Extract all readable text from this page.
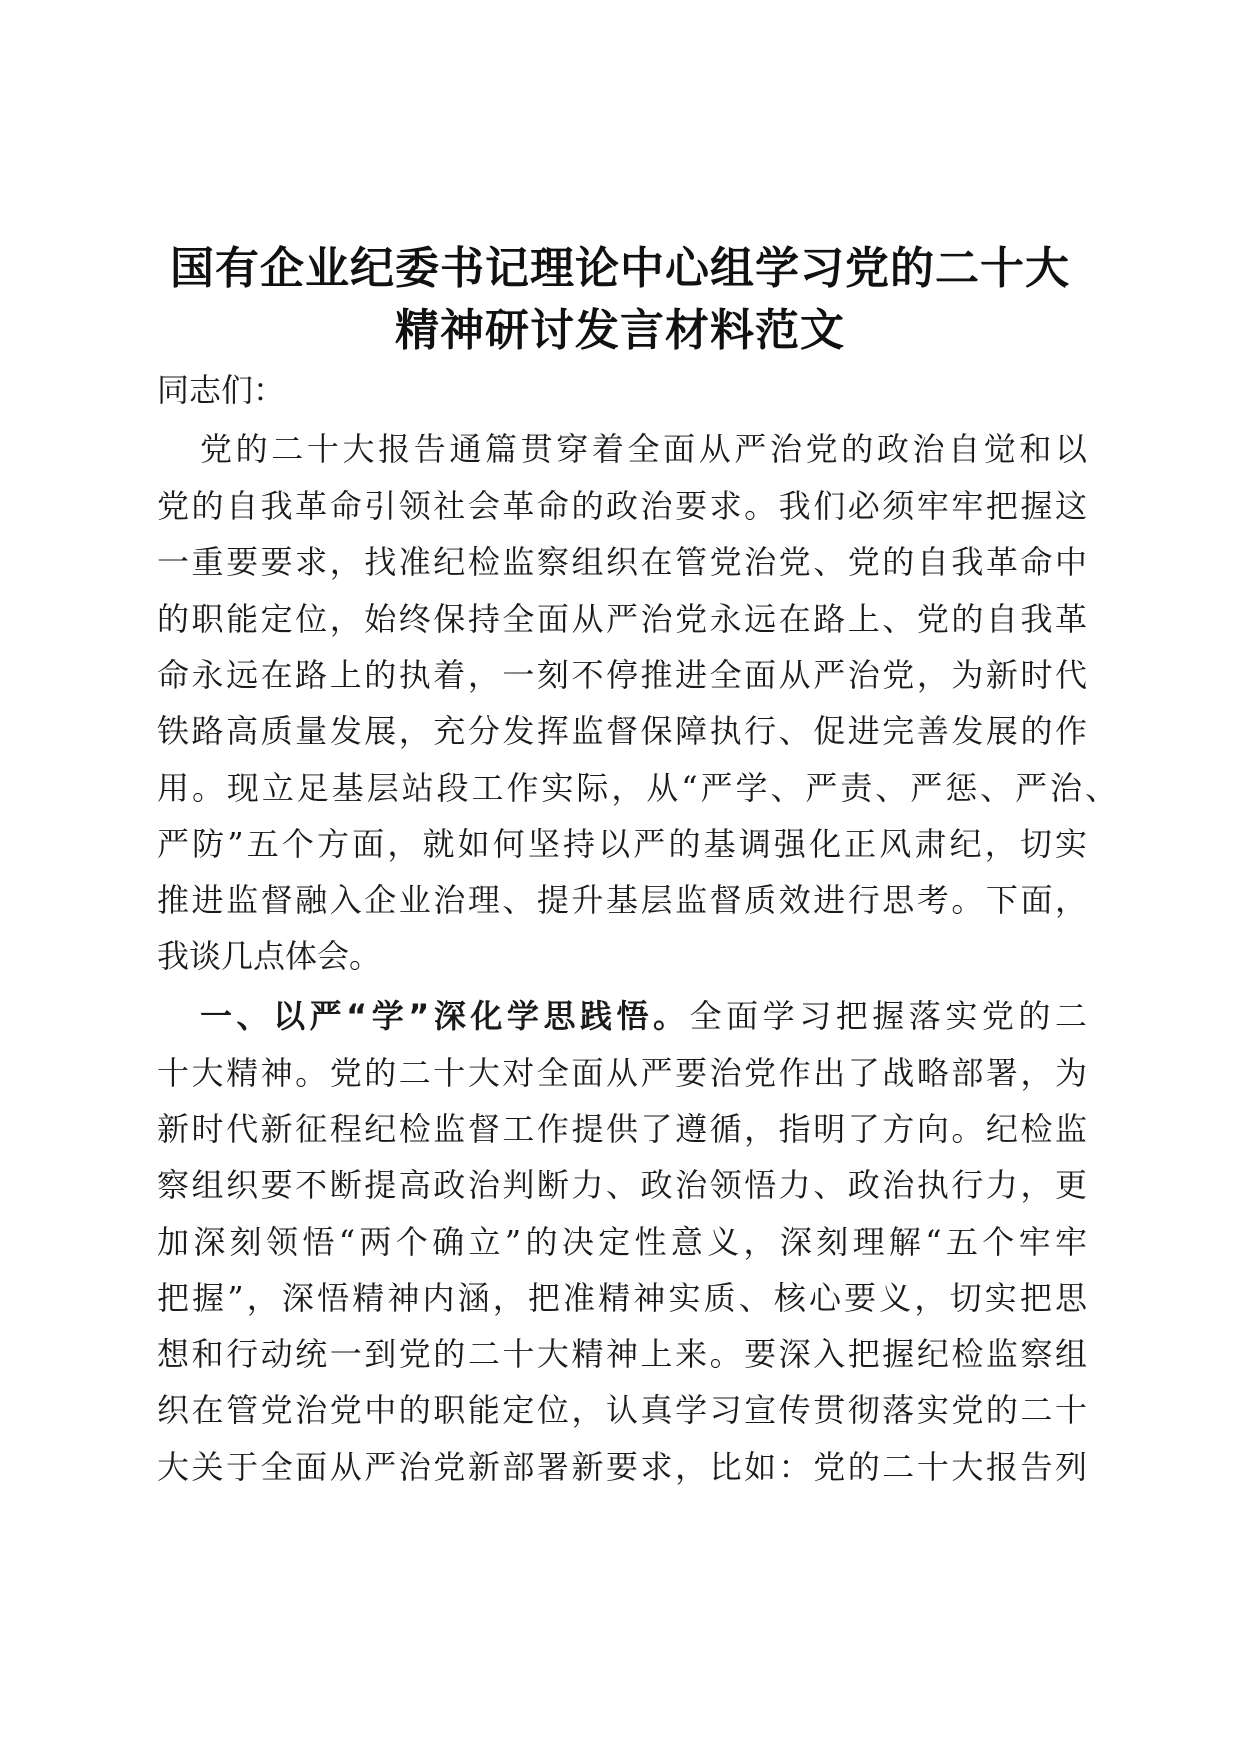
国有企业纪委书记理论中心组学习党的二十大
精神研讨发言材料范文
同志们：
党的二十大报告通篇贯穿着全面从严治党的政治自觉和以
党的自我革命引领社会革命的政治要求。我们必须牢牢把握这
一重要要求，找准纪检监察组织在管党治党、党的自我革命中
的职能定位，始终保持全面从严治党永远在路上、党的自我革
命永远在路上的执着，一刻不停推进全面从严治党，为新时代
铁路高质量发展，充分发挥监督保障执行、促进完善发展的作
用。现立足基层站段工作实际，从“严学、严责、严惩、严治、
严防”五个方面，就如何坚持以严的基调强化正风肃纪，切实
推进监督融入企业治理、提升基层监督质效进行思考。下面，
我谈几点体会。
一、以严“学”深化学思践悟。全面学习把握落实党的二
十大精神。党的二十大对全面从严要治党作出了战略部署，为
新时代新征程纪检监督工作提供了遵循，指明了方向。纪检监
察组织要不断提高政治判断力、政治领悟力、政治执行力，更
加深刻领悟“两个确立”的决定性意义，深刻理解“五个牢牢
把握”，深悟精神内涵，把准精神实质、核心要义，切实把思
想和行动统一到党的二十大精神上来。要深入把握纪检监察组
织在管党治党中的职能定位，认真学习宣传贯彻落实党的二十
大关于全面从严治党新部署新要求，比如：党的二十大报告列
